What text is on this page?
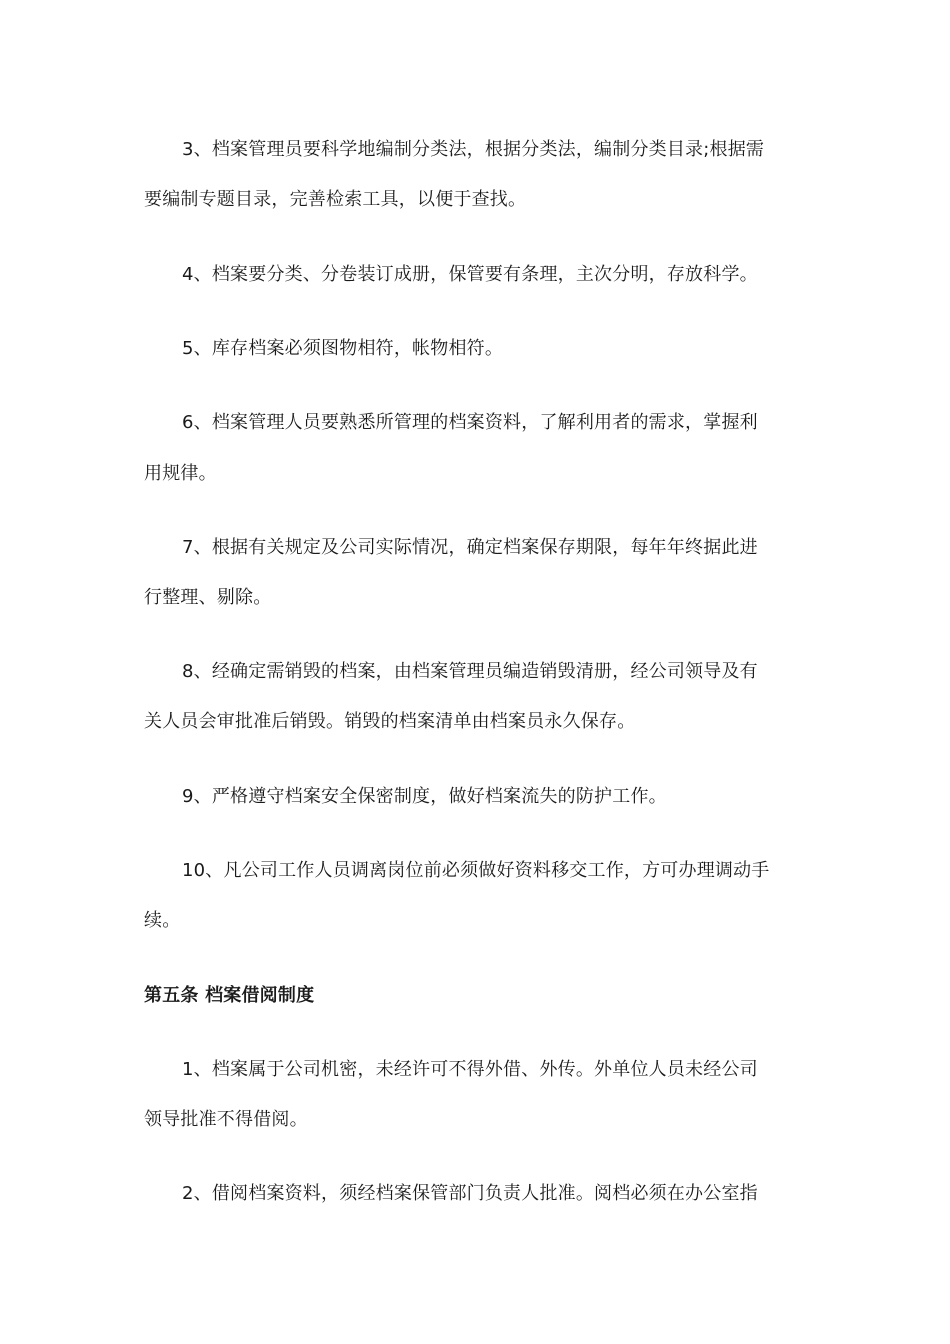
3、档案管理员要科学地编制分类法，根据分类法，编制分类目录;根据需
要编制专题目录，完善检索工具，以便于查找。
4、档案要分类、分卷装订成册，保管要有条理，主次分明，存放科学。
5、库存档案必须图物相符，帐物相符。
6、档案管理人员要熟悉所管理的档案资料，了解利用者的需求，掌握利
用规律。
7、根据有关规定及公司实际情况，确定档案保存期限，每年年终据此进
行整理、剔除。
8、经确定需销毁的档案，由档案管理员编造销毁清册，经公司领导及有
关人员会审批准后销毁。销毁的档案清单由档案员永久保存。
9、严格遵守档案安全保密制度，做好档案流失的防护工作。
10、凡公司工作人员调离岗位前必须做好资料移交工作，方可办理调动手
续。
第五条 档案借阅制度
1、档案属于公司机密，未经许可不得外借、外传。外单位人员未经公司
领导批准不得借阅。
2、借阅档案资料，须经档案保管部门负责人批准。阅档必须在办公室指
